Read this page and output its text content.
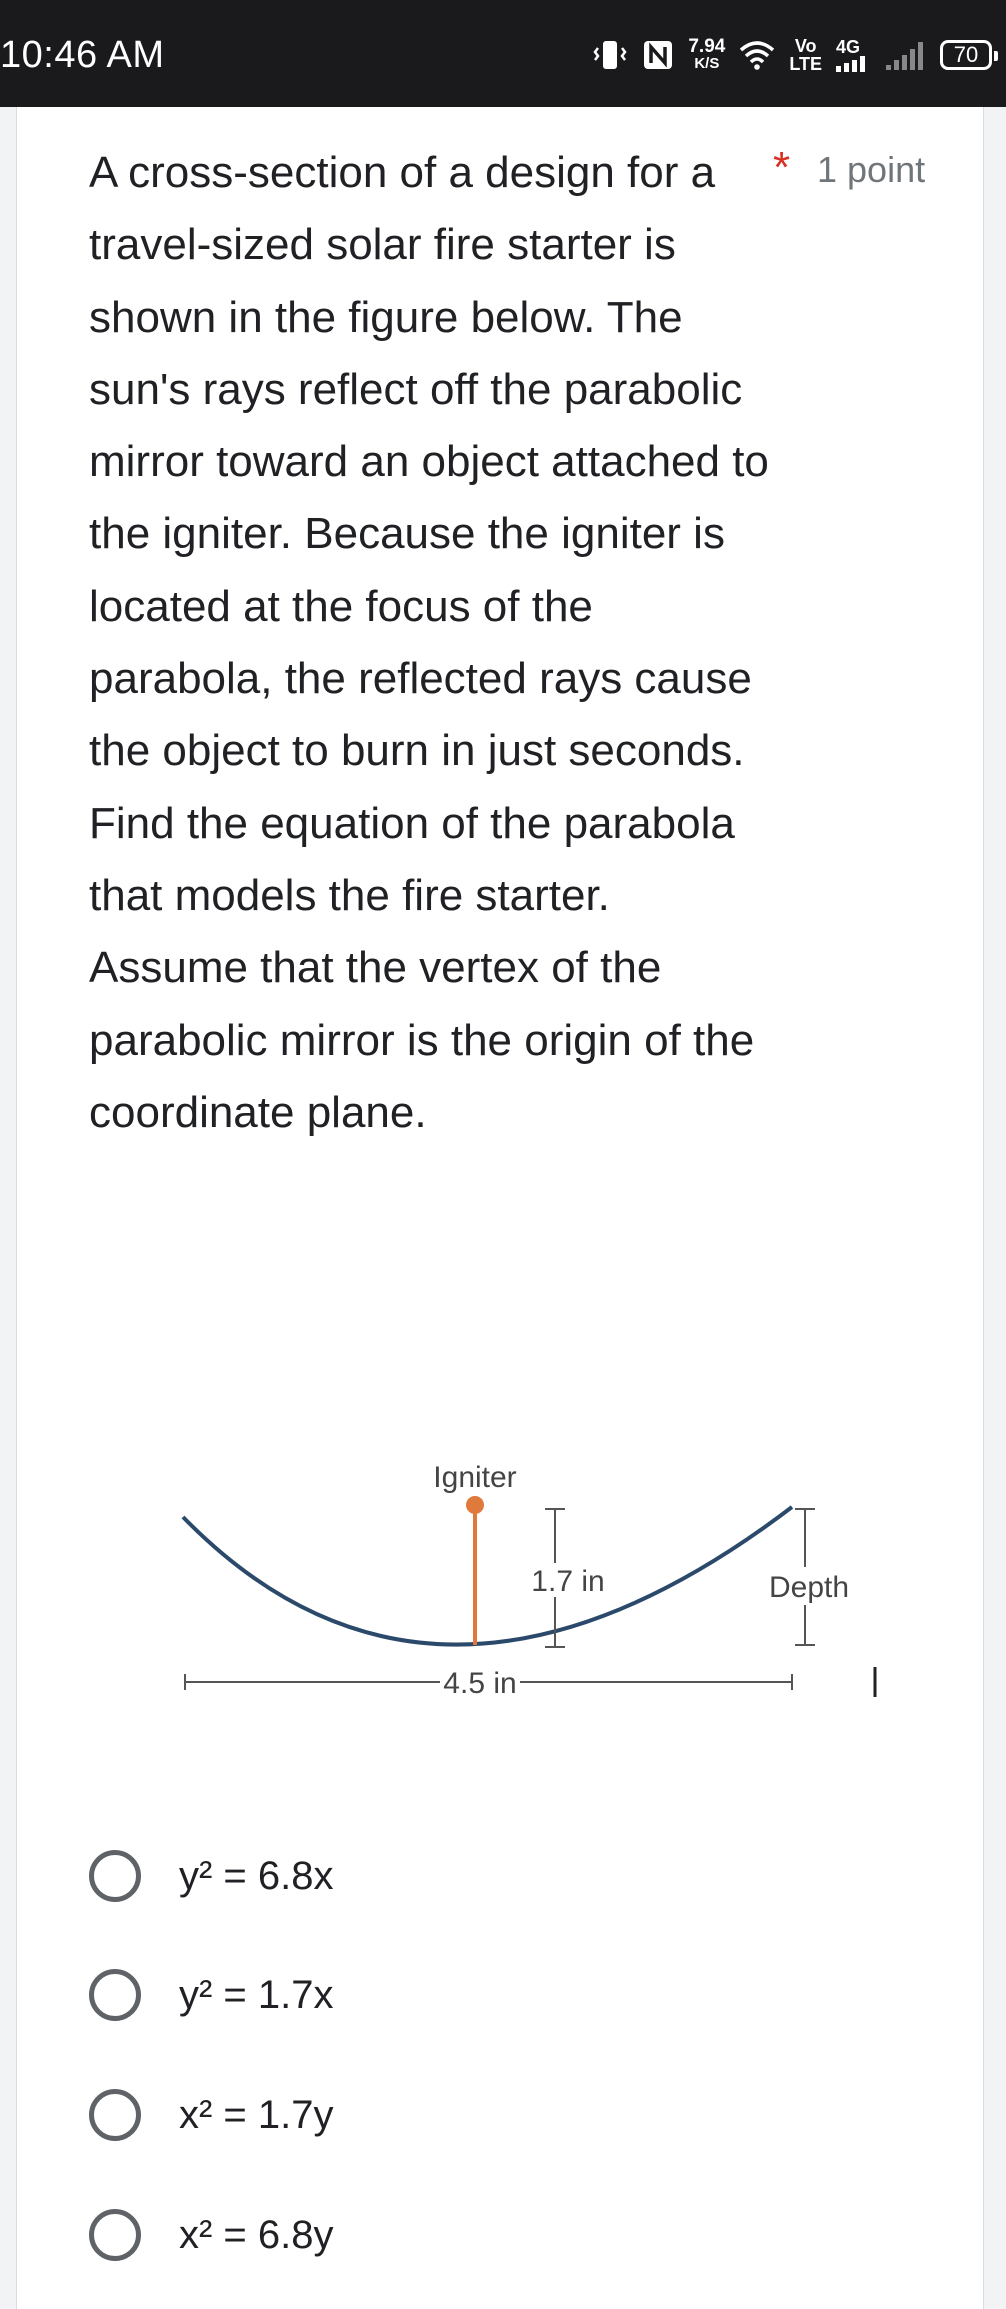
10:46 AM	7.94
K/S
Vo
LTE
4G	70

A cross-section of a design for a travel-sized solar fire starter is shown in the figure below. The sun's rays reflect off the parabolic mirror toward an object attached to the igniter. Because the igniter is located at the focus of the parabola, the reflected rays cause the object to burn in just seconds. Find the equation of the parabola that models the fire starter. Assume that the vertex of the parabolic mirror is the origin of the coordinate plane.

* 1 point
Igniter
1.7 in	Depth
4.5 in
y² = 6.8x
y² = 1.7x
x² = 1.7y
x² = 6.8y
